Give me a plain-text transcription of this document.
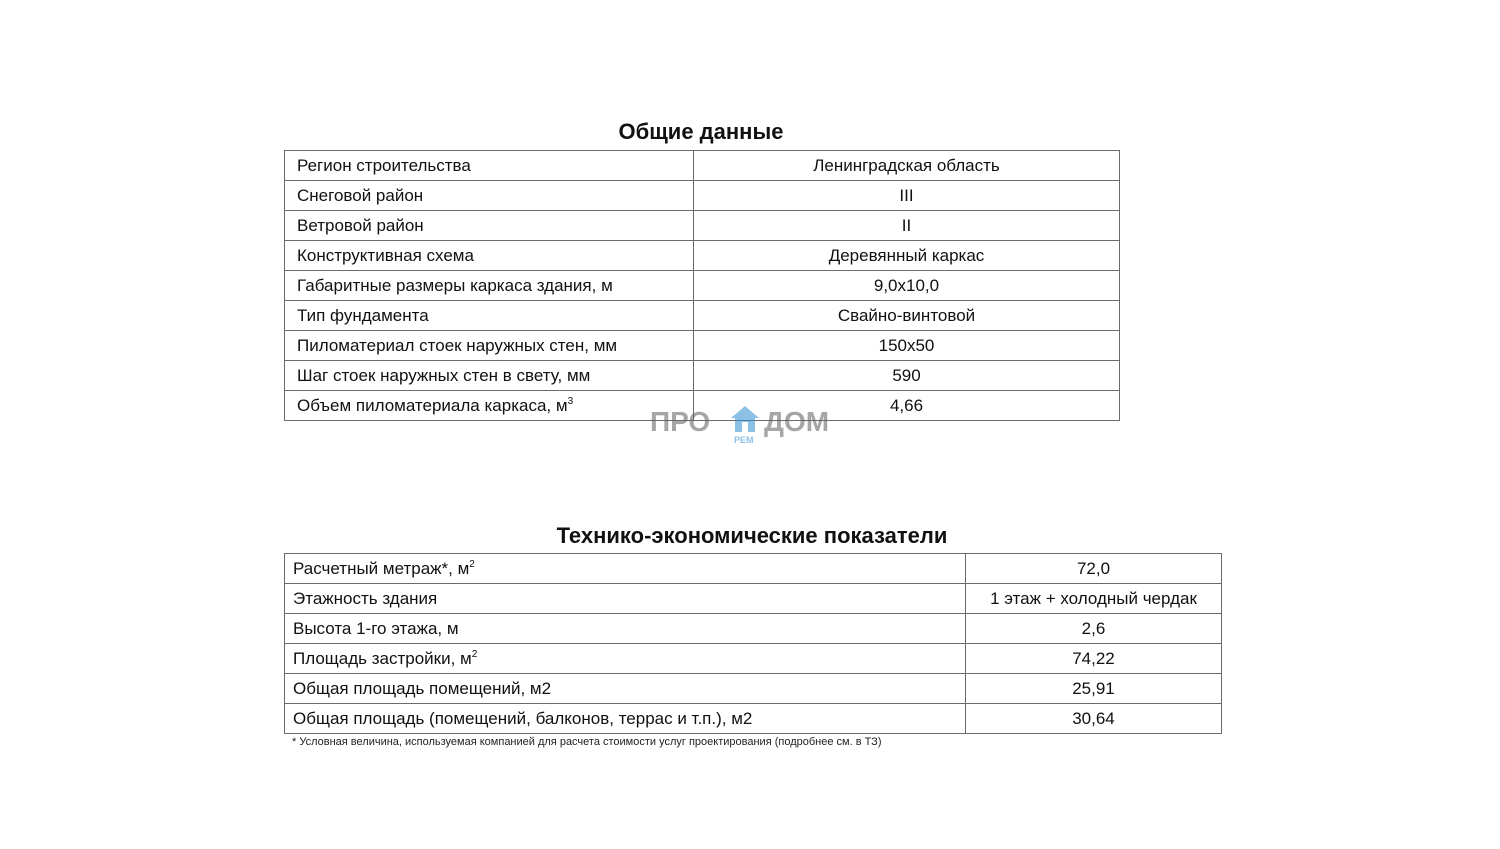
Общие данные
Регион строительства	Ленинградская область
Снеговой район	III
Ветровой район	II
Конструктивная схема	Деревянный каркас
Габаритные размеры каркаса здания, м	9,0x10,0
Тип фундамента	Свайно-винтовой
Пиломатериал стоек наружных стен, мм	150x50
Шаг стоек наружных стен в свету, мм	590
Объем пиломатериала каркаса, $м^3$	4,66
ПРО
РЕМ
ДОМ
Технико-экономические показатели
Расчетный метраж*, $м^2$	72,0
Этажность здания	1 этаж + холодный чердак
Высота 1-го этажа, м	2,6
Площадь застройки, $м^2$	74,22
Общая площадь помещений, м2	25,91
Общая площадь (помещений, балконов, террас и т.п.), м2	30,64
* Условная величина, используемая компанией для расчета стоимости услуг проектирования (подробнее см. в ТЗ)
